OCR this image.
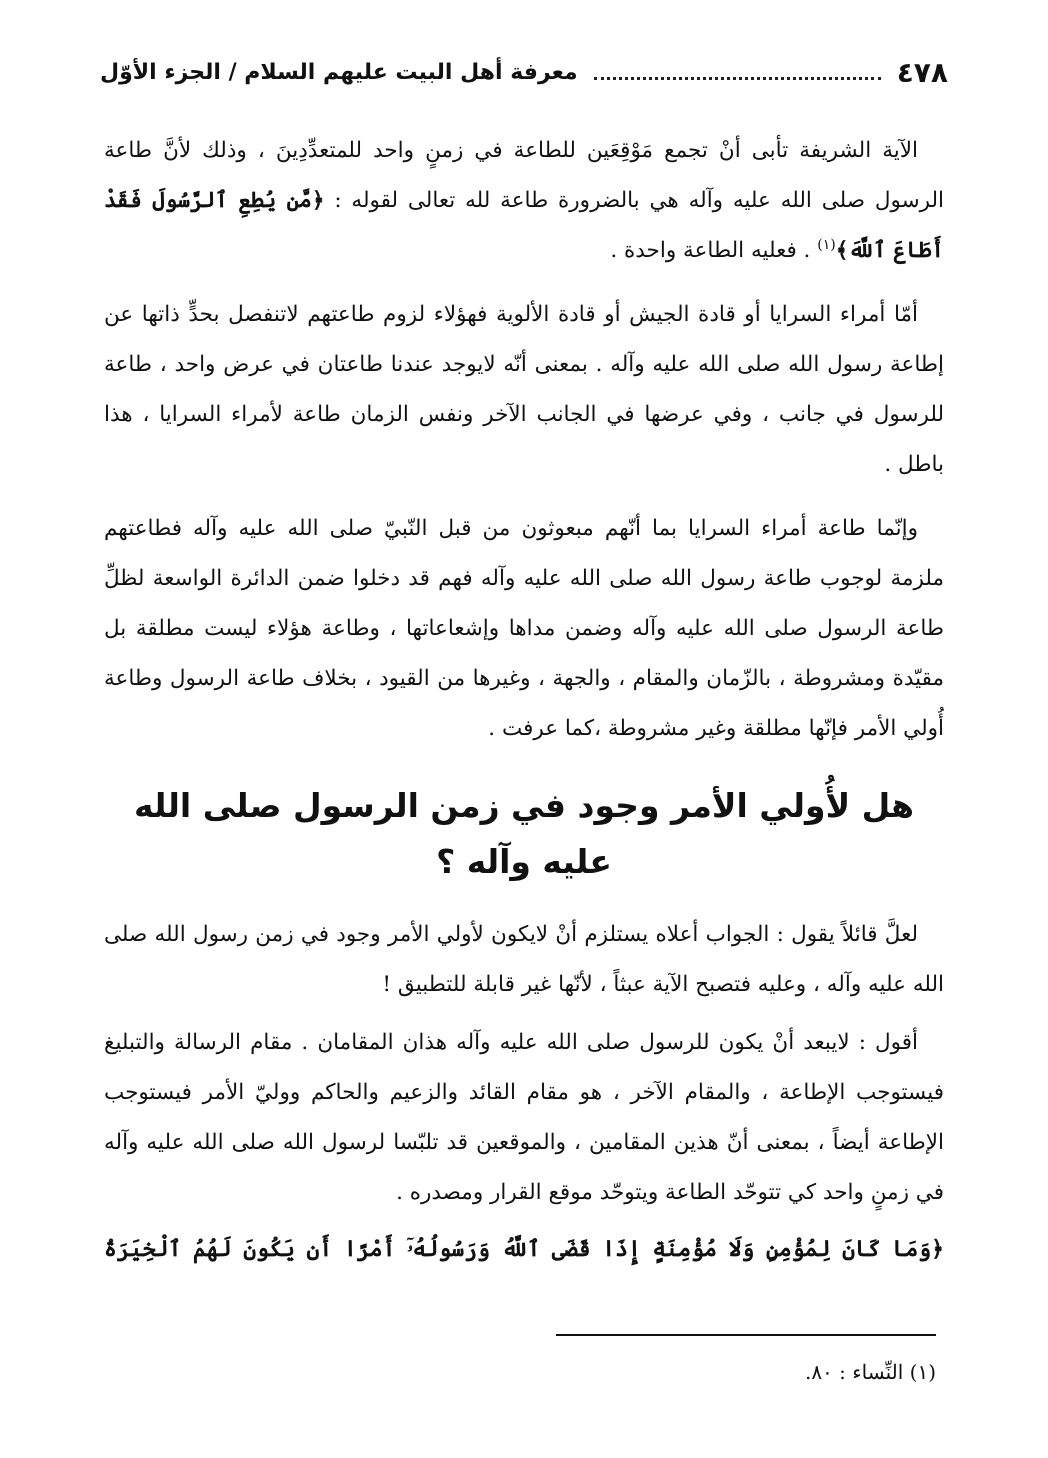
٤٧٨
معرفة أهل البيت عليهم السلام / الجزء الأوّل

الآية الشريفة تأبى أنْ تجمع مَوْقِعَين للطاعة في زمنٍ واحد للمتعدِّدِينَ ، وذلك لأنَّ طاعة الرسول صلى الله عليه وآله هي بالضرورة طاعة لله تعالى لقوله : ﴿مَّن يُطِعِ ٱلرَّسُولَ فَقَدْ أَطَاعَ ٱللَّهَ﴾$^{(١)}$ . فعليه الطاعة واحدة .

أمّا أمراء السرايا أو قادة الجيش أو قادة الألوية فهؤلاء لزوم طاعتهم لاتنفصل بحدٍّ ذاتها عن إطاعة رسول الله صلى الله عليه وآله . بمعنى أنّه لايوجد عندنا طاعتان في عرض واحد ، طاعة للرسول في جانب ، وفي عرضها في الجانب الآخر ونفس الزمان طاعة لأمراء السرايا ، هذا باطل .

وإنّما طاعة أمراء السرايا بما أنّهم مبعوثون من قبل النّبيّ صلى الله عليه وآله فطاعتهم ملزمة لوجوب طاعة رسول الله صلى الله عليه وآله فهم قد دخلوا ضمن الدائرة الواسعة لظلِّ طاعة الرسول صلى الله عليه وآله وضمن مداها وإشعاعاتها ، وطاعة هؤلاء ليست مطلقة بل مقيّدة ومشروطة ، بالزّمان والمقام ، والجهة ، وغيرها من القيود ، بخلاف طاعة الرسول وطاعة أُولي الأمر فإنّها مطلقة وغير مشروطة ،كما عرفت .

هل لأُولي الأمر وجود في زمن الرسول صلى الله عليه وآله ؟

لعلَّ قائلاً يقول : الجواب أعلاه يستلزم أنْ لايكون لأولي الأمر وجود في زمن رسول الله صلى الله عليه وآله ، وعليه فتصبح الآية عبثاً ، لأنّها غير قابلة للتطبيق !

أقول : لايبعد أنْ يكون للرسول صلى الله عليه وآله هذان المقامان . مقام الرسالة والتبليغ فيستوجب الإطاعة ، والمقام الآخر ، هو مقام القائد والزعيم والحاكم ووليّ الأمر فيستوجب الإطاعة أيضاً ، بمعنى أنّ هذين المقامين ، والموقعين قد تلبّسا لرسول الله صلى الله عليه وآله في زمنٍ واحد كي تتوحّد الطاعة ويتوحّد موقع القرار ومصدره .

﴿وَمَا كَانَ لِمُؤْمِنٍ وَلَا مُؤْمِنَةٍ إِذَا قَضَى ٱللَّهُ وَرَسُولُهُۥٓ أَمْرًا أَن يَكُونَ لَهُمُ ٱلْخِيَرَةُ

(١) النِّساء : ٨٠.
